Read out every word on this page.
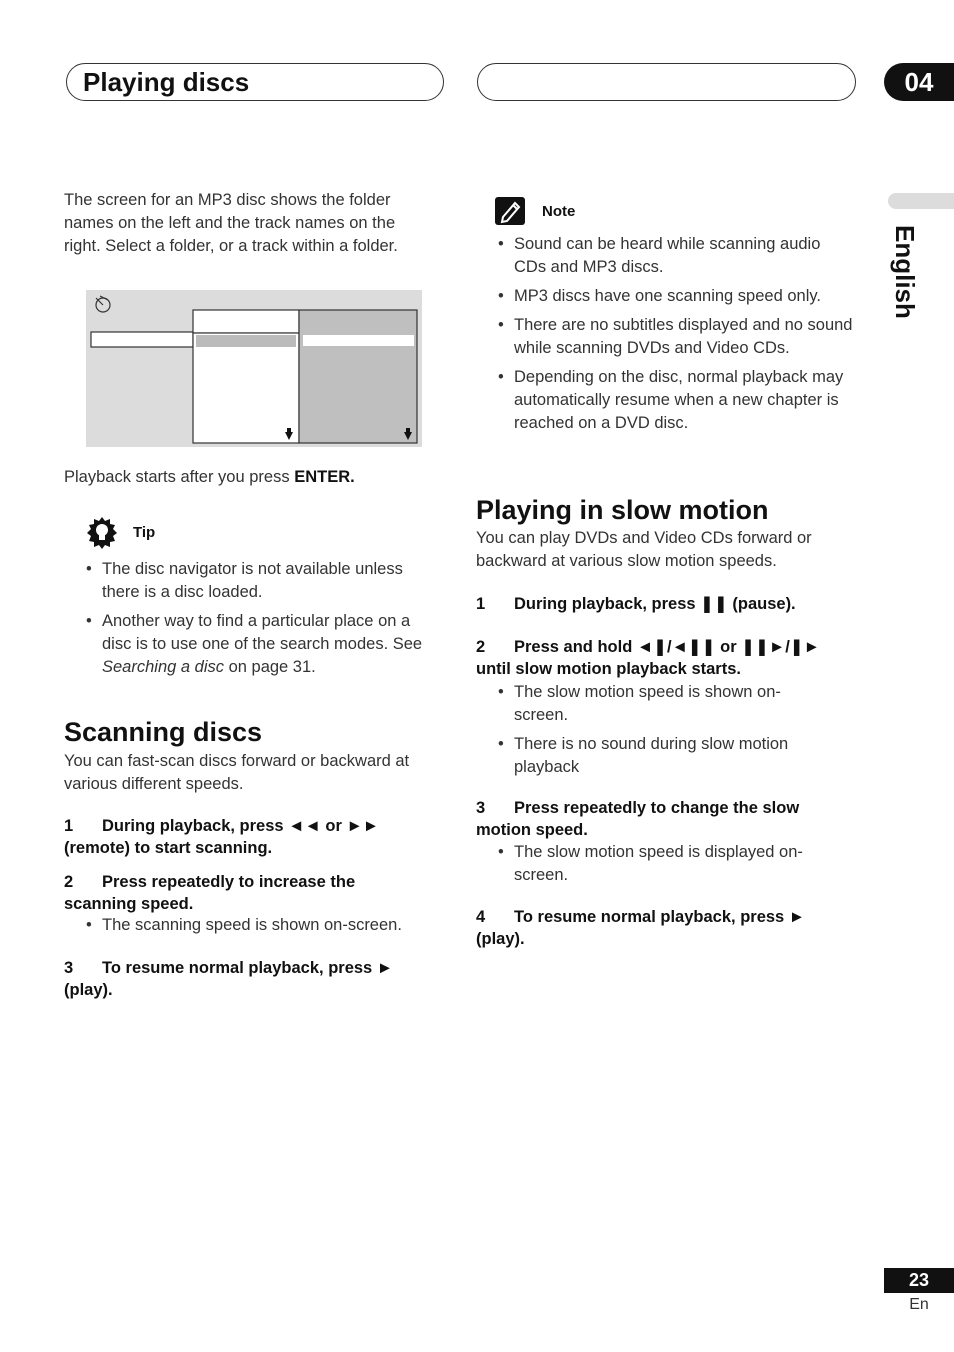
Playing discs	04
English
The screen for an MP3 disc shows the folder names on the left and the track names on the right. Select a folder, or a track within a folder.
Playback starts after you press ENTER.
Tip
• The disc navigator is not available unless there is a disc loaded.
• Another way to find a particular place on a disc is to use one of the search modes. See Searching a disc on page 31.
Scanning discs
You can fast-scan discs forward or backward at various different speeds.
1 During playback, press ◄◄ or ►► (remote) to start scanning.
2 Press repeatedly to increase the scanning speed.
• The scanning speed is shown on-screen.
3 To resume normal playback, press ► (play).
Note
• Sound can be heard while scanning audio CDs and MP3 discs.
• MP3 discs have one scanning speed only.
• There are no subtitles displayed and no sound while scanning DVDs and Video CDs.
• Depending on the disc, normal playback may automatically resume when a new chapter is reached on a DVD disc.
Playing in slow motion
You can play DVDs and Video CDs forward or backward at various slow motion speeds.
1 During playback, press ❚❚ (pause).
2 Press and hold ◄❚/◄❚❚ or ❚❚►/❚► until slow motion playback starts.
• The slow motion speed is shown on-screen.
• There is no sound during slow motion playback
3 Press repeatedly to change the slow motion speed.
• The slow motion speed is displayed on-screen.
4 To resume normal playback, press ► (play).
23
En
